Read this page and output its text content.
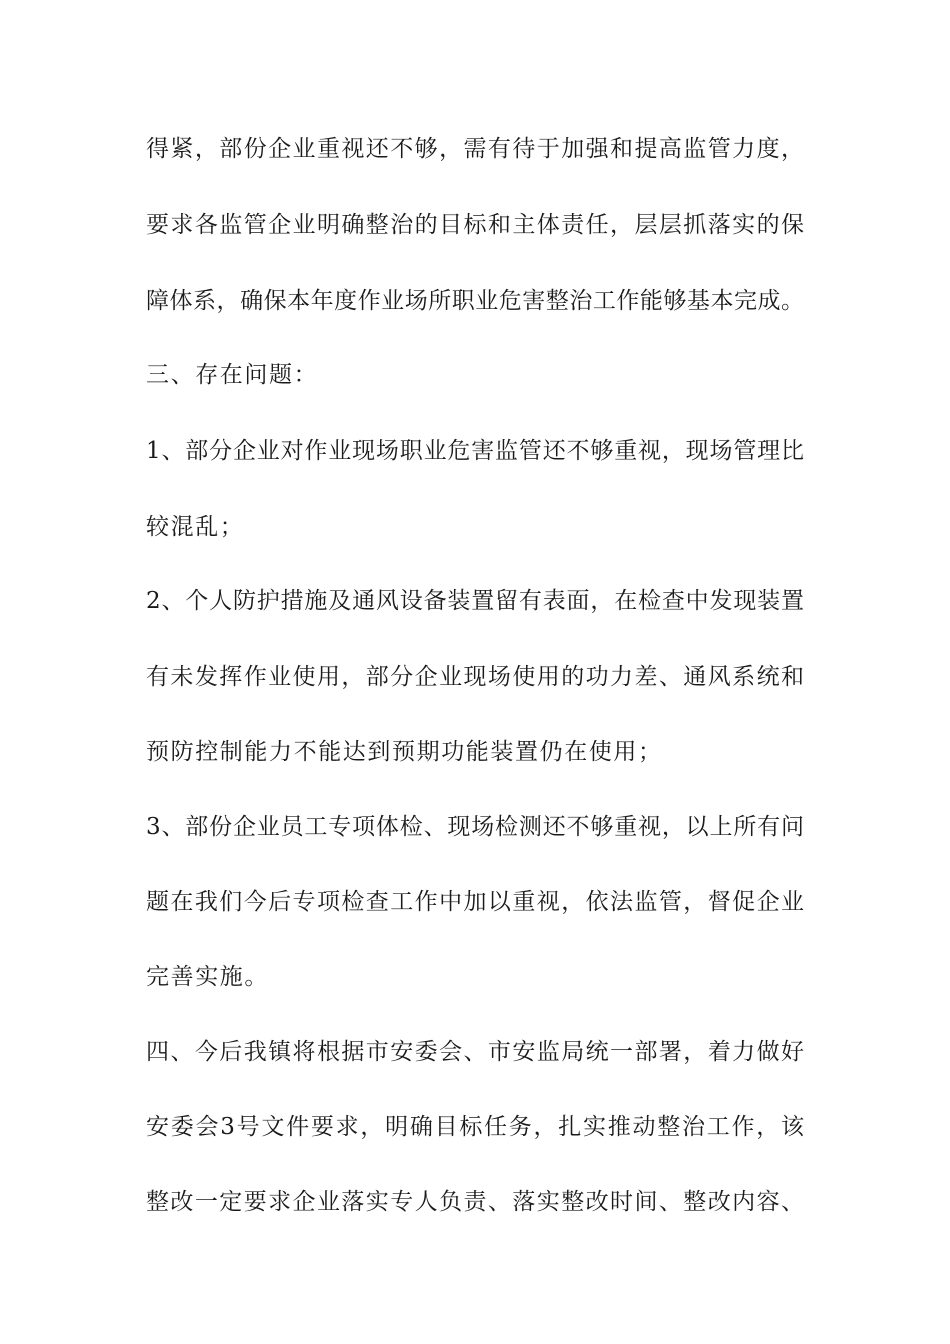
得紧，部份企业重视还不够，需有待于加强和提高监管力度，

要求各监管企业明确整治的目标和主体责任，层层抓落实的保

障体系，确保本年度作业场所职业危害整治工作能够基本完成。

三、存在问题：

1、部分企业对作业现场职业危害监管还不够重视，现场管理比

较混乱；

2、个人防护措施及通风设备装置留有表面，在检查中发现装置

有未发挥作业使用，部分企业现场使用的功力差、通风系统和

预防控制能力不能达到预期功能装置仍在使用；

3、部份企业员工专项体检、现场检测还不够重视，以上所有问

题在我们今后专项检查工作中加以重视，依法监管，督促企业

完善实施。

四、今后我镇将根据市安委会、市安监局统一部署，着力做好

安委会3号文件要求，明确目标任务，扎实推动整治工作，该

整改一定要求企业落实专人负责、落实整改时间、整改内容、
